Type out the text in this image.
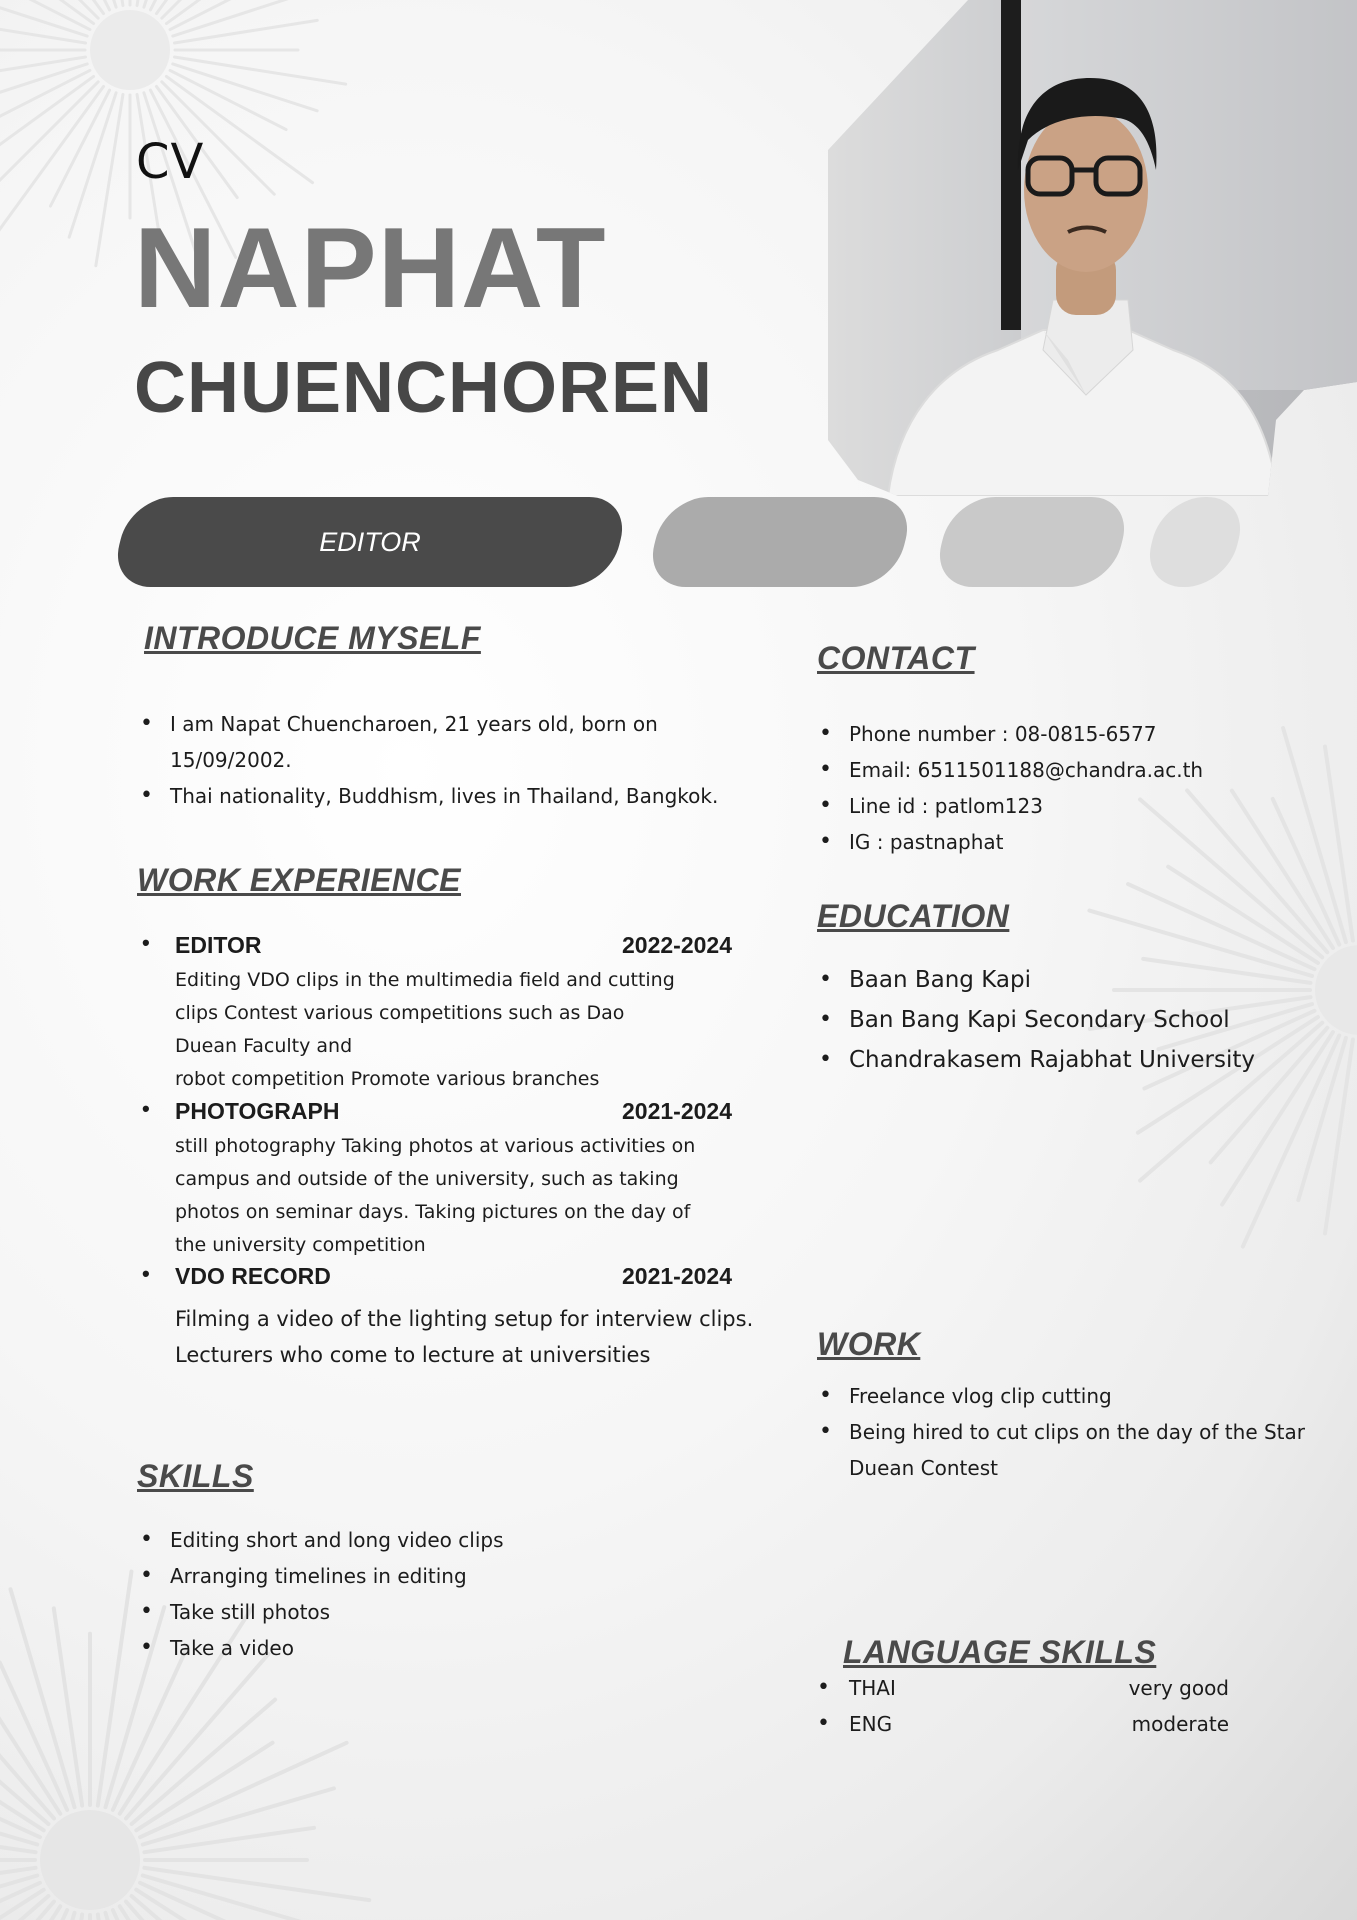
CV
NAPHAT
CHUENCHOREN
EDITOR
INTRODUCE MYSELF
• I am Napat Chuencharoen, 21 years old, born on 15/09/2002.
• Thai nationality, Buddhism, lives in Thailand, Bangkok.
WORK EXPERIENCE
• EDITOR	2022-2024
Editing VDO clips in the multimedia field and cutting
clips Contest various competitions such as Dao
Duean Faculty and
robot competition Promote various branches
• PHOTOGRAPH	2021-2024
still photography Taking photos at various activities on
campus and outside of the university, such as taking
photos on seminar days. Taking pictures on the day of
the university competition
• VDO RECORD	2021-2024
Filming a video of the lighting setup for interview clips.
Lecturers who come to lecture at universities
SKILLS
• Editing short and long video clips
• Arranging timelines in editing
• Take still photos
• Take a video
CONTACT
• Phone number : 08-0815-6577
• Email: 6511501188@chandra.ac.th
• Line id : patlom123
• IG : pastnaphat
EDUCATION
• Baan Bang Kapi
• Ban Bang Kapi Secondary School
• Chandrakasem Rajabhat University
WORK
• Freelance vlog clip cutting
• Being hired to cut clips on the day of the Star Duean Contest
LANGUAGE SKILLS
• THAI	very good
• ENG	moderate
